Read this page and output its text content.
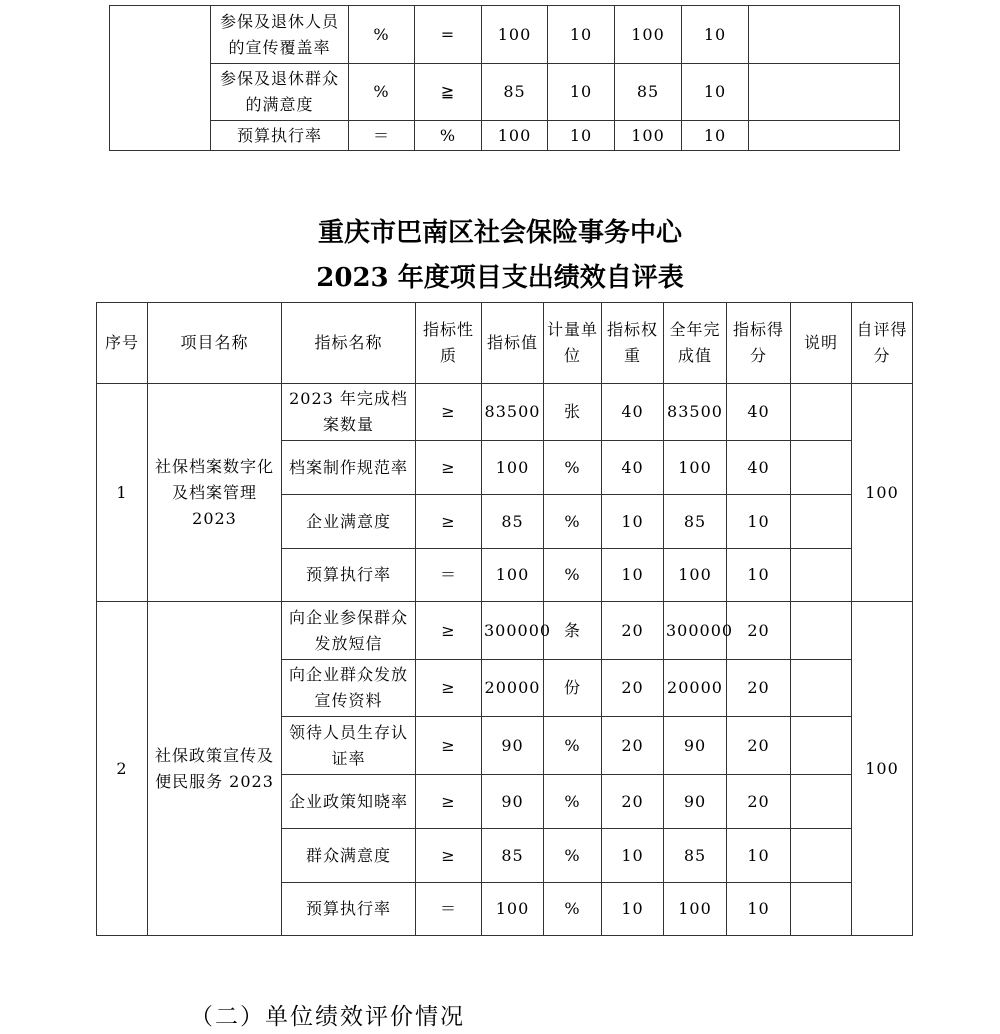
	参保及退休人员的宣传覆盖率	%	=	100	10	100	10	
	参保及退休群众的满意度	%	≧	85	10	85	10	
	预算执行率	＝	%	100	10	100	10	
重庆市巴南区社会保险事务中心
2023 年度项目支出绩效自评表
序号	项目名称	指标名称	指标性质	指标值	计量单位	指标权重	全年完成值	指标得分	说明	自评得分
1	社保档案数字化及档案管理2023	2023 年完成档案数量	≥	83500	张	40	83500	40		100
		档案制作规范率	≥	100	%	40	100	40		
		企业满意度	≥	85	%	10	85	10		
		预算执行率	＝	100	%	10	100	10		
2	社保政策宣传及便民服务 2023	向企业参保群众发放短信	≥	300000	条	20	300000	20		100
		向企业群众发放宣传资料	≥	20000	份	20	20000	20		
		领待人员生存认证率	≥	90	%	20	90	20		
		企业政策知晓率	≥	90	%	20	90	20		
		群众满意度	≥	85	%	10	85	10		
		预算执行率	＝	100	%	10	100	10		
（二）单位绩效评价情况
